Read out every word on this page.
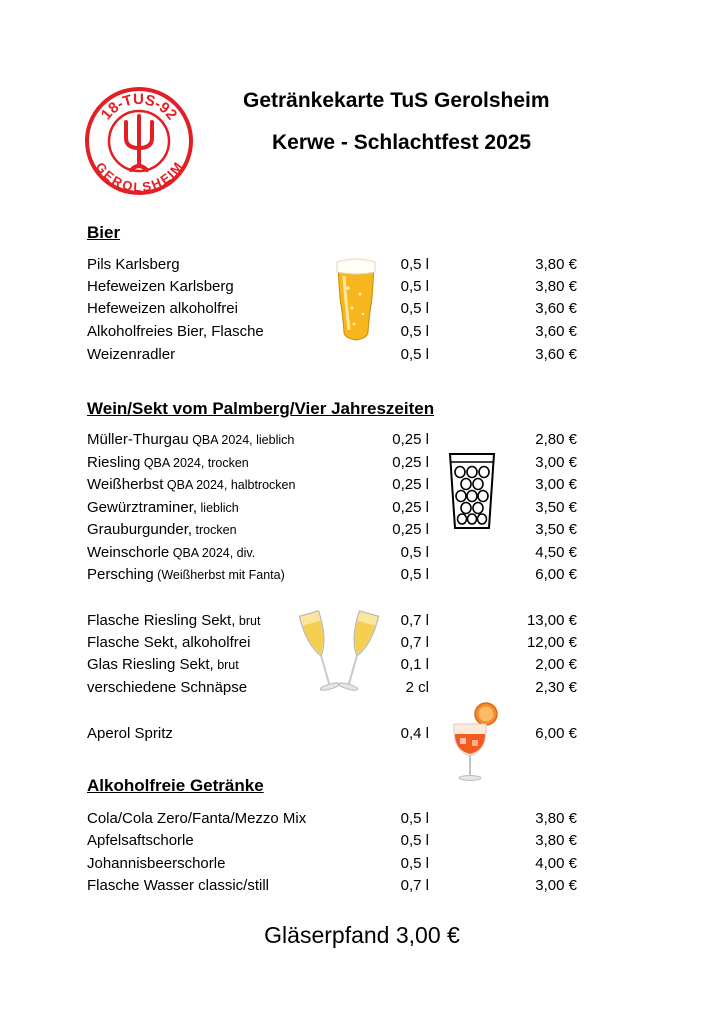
18-TUS-92
GEROLSHEIM
Getränkekarte TuS Gerolsheim
Kerwe - Schlachtfest 2025
Bier
Pils Karlsberg	0,5 l	3,80 €
Hefeweizen Karlsberg	0,5 l	3,80 €
Hefeweizen alkoholfrei	0,5 l	3,60 €
Alkoholfreies Bier, Flasche	0,5 l	3,60 €
Weizenradler	0,5 l	3,60 €
Wein/Sekt vom Palmberg/Vier Jahreszeiten
Müller-Thurgau QBA 2024, lieblich	0,25 l	2,80 €
Riesling QBA 2024, trocken	0,25 l	3,00 €
Weißherbst QBA 2024, halbtrocken	0,25 l	3,00 €
Gewürztraminer, lieblich	0,25 l	3,50 €
Grauburgunder, trocken	0,25 l	3,50 €
Weinschorle QBA 2024, div.	0,5 l	4,50 €
Persching (Weißherbst mit Fanta)	0,5 l	6,00 €
Flasche Riesling Sekt, brut	0,7 l	13,00 €
Flasche Sekt, alkoholfrei	0,7 l	12,00 €
Glas Riesling Sekt, brut	0,1 l	2,00 €
verschiedene Schnäpse	2 cl	2,30 €
Aperol Spritz	0,4 l	6,00 €
Alkoholfreie Getränke
Cola/Cola Zero/Fanta/Mezzo Mix	0,5 l	3,80 €
Apfelsaftschorle	0,5 l	3,80 €
Johannisbeerschorle	0,5 l	4,00 €
Flasche Wasser classic/still	0,7 l	3,00 €
Gläserpfand 3,00 €
